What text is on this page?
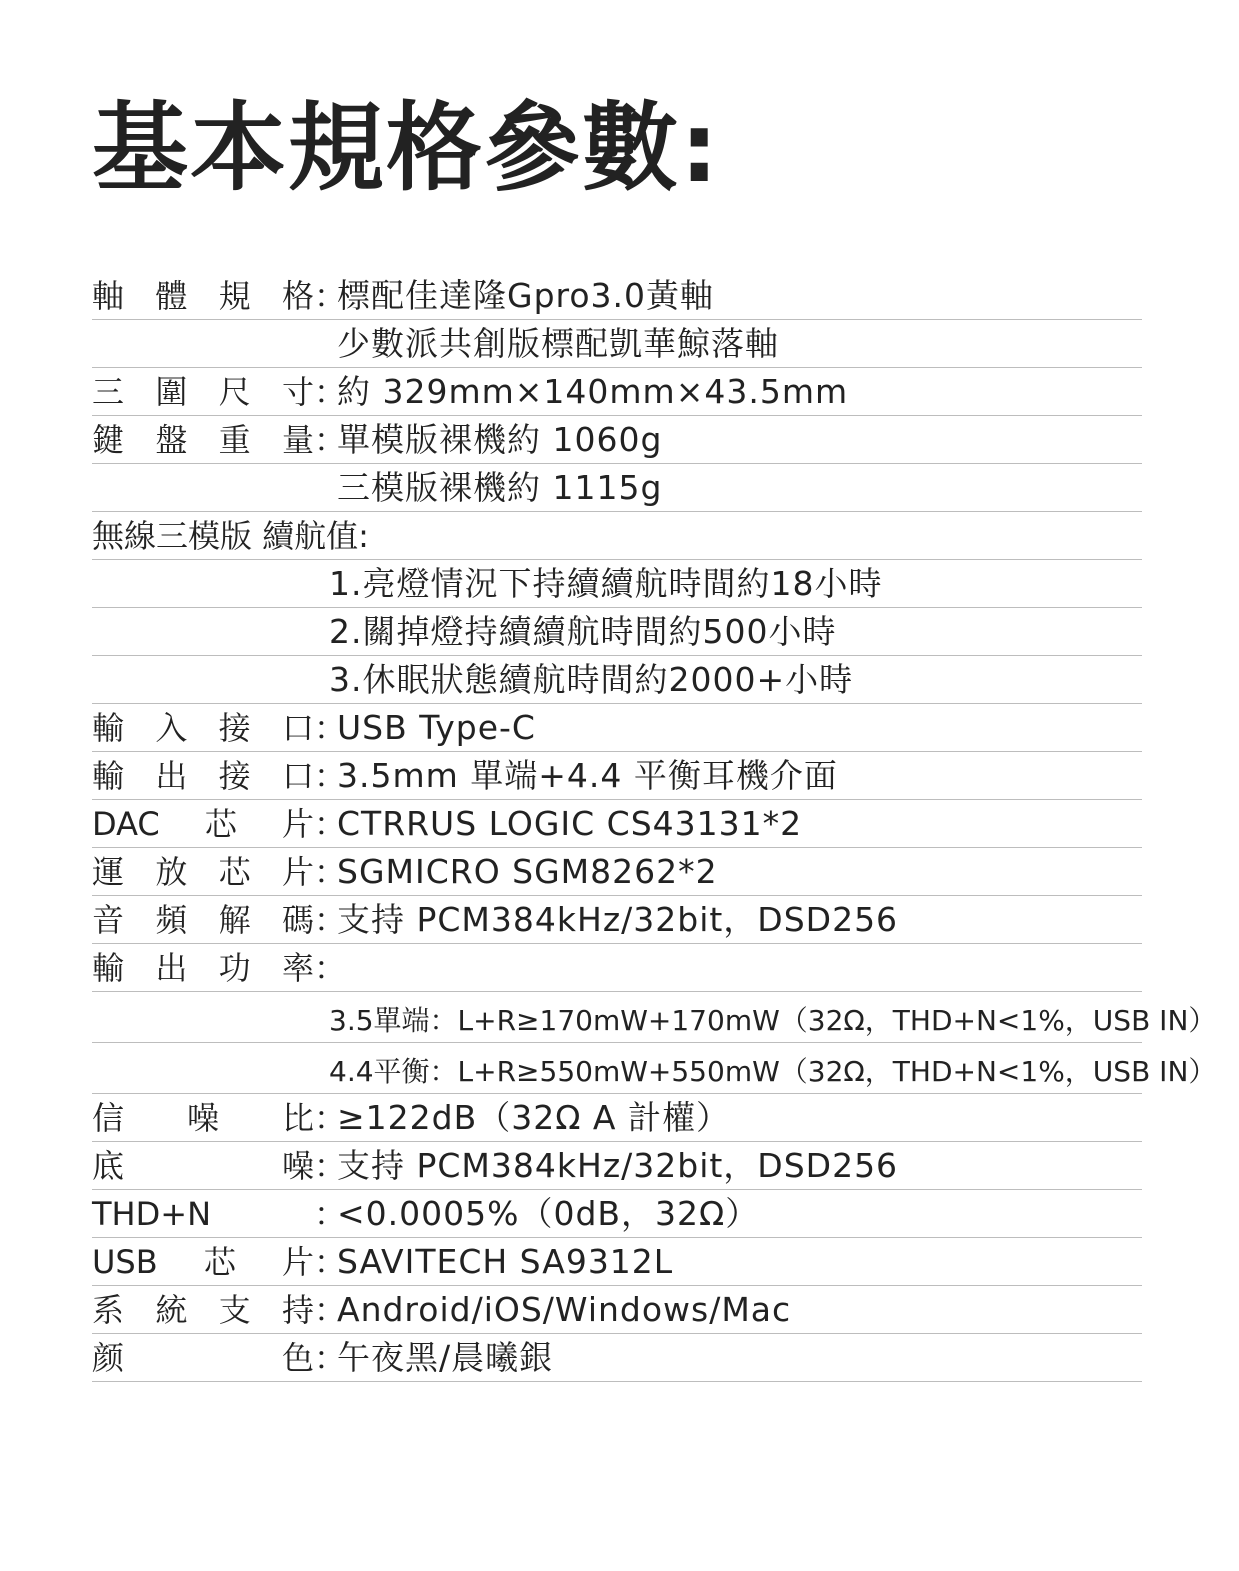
基本規格參數:
軸體規格 ：
標配佳達隆Gpro3.0黃軸
少數派共創版標配凱華鯨落軸
三圍尺寸 ：
約 329mm×140mm×43.5mm
鍵盤重量 ：
單模版裸機約 1060g
三模版裸機約 1115g
無線三模版 續航值:
1.亮燈情況下持續續航時間約18小時
2.關掉燈持續續航時間約500小時
3.休眠狀態續航時間約2000+小時
輸入接口 ：
USB Type-C
輸出接口 ：
3.5mm 單端+4.4 平衡耳機介面
DAC芯片 ：
CTRRUS LOGIC CS43131*2
運放芯片 ：
SGMICRO SGM8262*2
音頻解碼 ：
支持 PCM384kHz/32bit，DSD256
輸出功率 ：
3.5單端：L+R≥170mW+170mW（32Ω，THD+N<1%，USB IN）
4.4平衡：L+R≥550mW+550mW（32Ω，THD+N<1%，USB IN）
信噪比 ：
≥122dB（32Ω A 計權）
底噪 ：
支持 PCM384kHz/32bit，DSD256
THD+N	：
<0.0005%（0dB，32Ω）
USB芯片 ：
SAVITECH SA9312L
系統支持 ：
Android/iOS/Windows/Mac
颜色 ：
午夜黑/晨曦銀
